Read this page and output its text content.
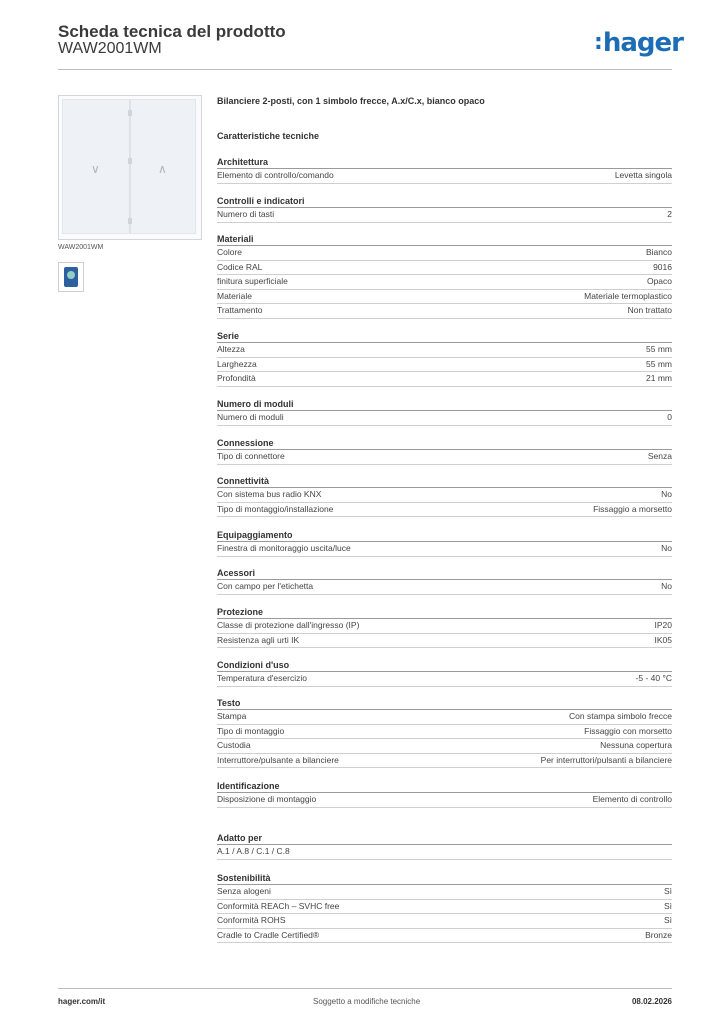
Scheda tecnica del prodotto
WAW2001WM	:hager
∨	∧
WAW2001WM
Bilanciere 2-posti, con 1 simbolo frecce, A.x/C.x, bianco opaco
Caratteristiche tecniche
Architettura
Elemento di controllo/comando	Levetta singola
Controlli e indicatori
Numero di tasti	2
Materiali
Colore	Bianco
Codice RAL	9016
finitura superficiale	Opaco
Materiale	Materiale termoplastico
Trattamento	Non trattato
Serie
Altezza	55 mm
Larghezza	55 mm
Profondità	21 mm
Numero di moduli
Numero di moduli	0
Connessione
Tipo di connettore	Senza
Connettività
Con sistema bus radio KNX	No
Tipo di montaggio/installazione	Fissaggio a morsetto
Equipaggiamento
Finestra di monitoraggio uscita/luce	No
Acessori
Con campo per l'etichetta	No
Protezione
Classe di protezione dall'ingresso (IP)	IP20
Resistenza agli urti IK	IK05
Condizioni d'uso
Temperatura d'esercizio	-5 - 40 °C
Testo
Stampa	Con stampa simbolo frecce
Tipo di montaggio	Fissaggio con morsetto
Custodia	Nessuna copertura
Interruttore/pulsante a bilanciere	Per interruttori/pulsanti a bilanciere
Identificazione
Disposizione di montaggio	Elemento di controllo
Adatto per
A.1 / A.8 / C.1 / C.8
Sostenibilità
Senza alogeni	Sì
Conformità REACh – SVHC free	Sì
Conformità ROHS	Sì
Cradle to Cradle Certified®	Bronze
hager.com/it	Soggetto a modifiche tecniche	08.02.2026
